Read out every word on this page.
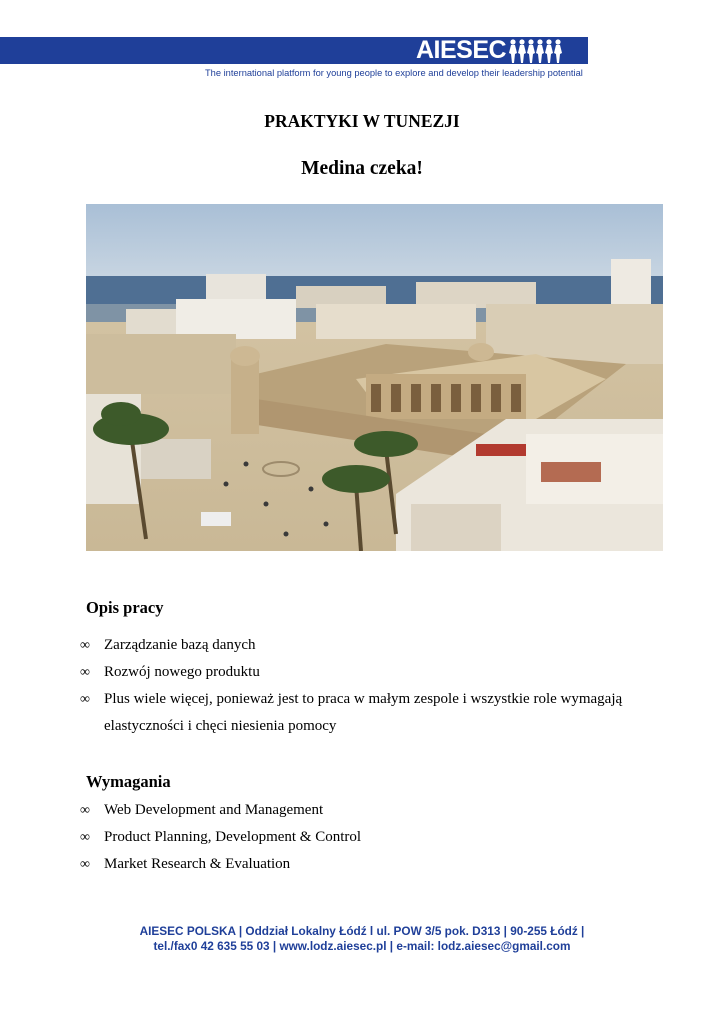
AIESEC
The international platform for young people to explore and develop their leadership potential
PRAKTYKI W TUNEZJI
Medina czeka!
Opis pracy
∞ Zarządzanie bazą danych
∞ Rozwój nowego produktu
∞ Plus wiele więcej, ponieważ jest to praca w małym zespole i wszystkie role wymagają elastyczności i chęci niesienia pomocy
Wymagania
∞ Web Development and Management
∞ Product Planning, Development & Control
∞ Market Research & Evaluation
AIESEC POLSKA | Oddział Lokalny Łódź l ul. POW 3/5 pok. D313 | 90-255 Łódź |
tel./fax0 42 635 55 03 | www.lodz.aiesec.pl | e-mail: lodz.aiesec@gmail.com
